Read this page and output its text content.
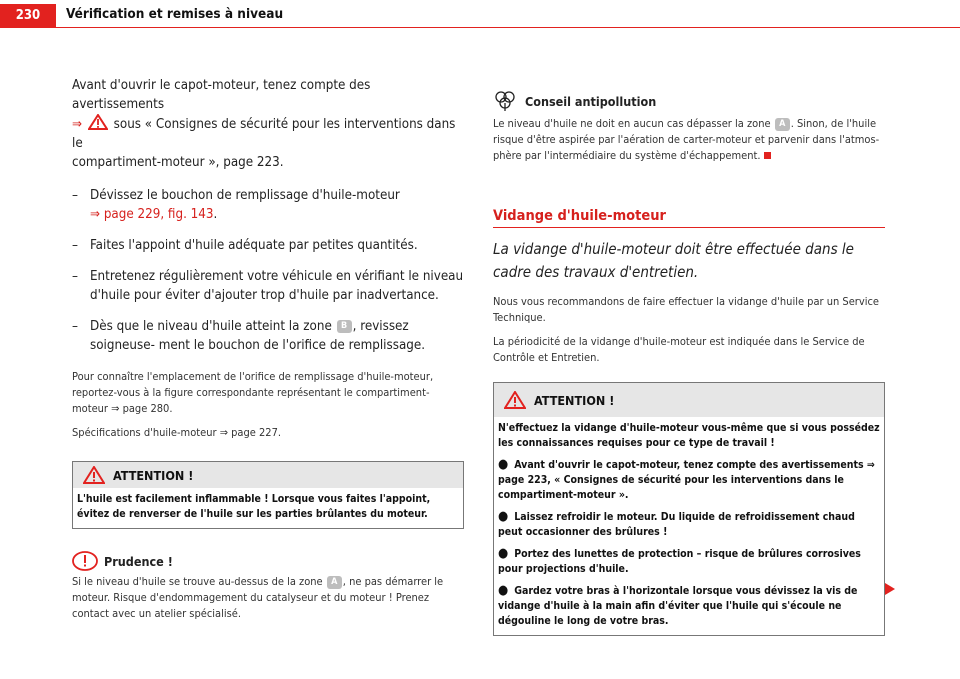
230	Vérification et remises à niveau

Avant d'ouvrir le capot-moteur, tenez compte des avertissements
⇒  sous « Consignes de sécurité pour les interventions dans le
compartiment-moteur », page 223.

– Dévissez le bouchon de remplissage d'huile-moteur
⇒ page 229, fig. 143.
– Faites l'appoint d'huile adéquate par petites quantités.
– Entretenez régulièrement votre véhicule en vérifiant le niveau d'huile pour éviter d'ajouter trop d'huile par inadvertance.
– Dès que le niveau d'huile atteint la zone B , revissez soigneuse- ment le bouchon de l'orifice de remplissage.

Pour connaître l'emplacement de l'orifice de remplissage d'huile-moteur, reportez-vous à la figure correspondante représentant le compartiment- moteur ⇒ page 280.

Spécifications d'huile-moteur ⇒ page 227.

ATTENTION !
L'huile est facilement inflammable ! Lorsque vous faites l'appoint, évitez de renverser de l'huile sur les parties brûlantes du moteur.
Prudence !

Si le niveau d'huile se trouve au-dessus de la zone A , ne pas démarrer le moteur. Risque d'endommagement du catalyseur et du moteur ! Prenez contact avec un atelier spécialisé.

Conseil antipollution

Le niveau d'huile ne doit en aucun cas dépasser la zone A . Sinon, de l'huile risque d'être aspirée par l'aération de carter-moteur et parvenir dans l'atmos- phère par l'intermédiaire du système d'échappement.

Vidange d'huile-moteur

La vidange d'huile-moteur doit être effectuée dans le cadre des travaux d'entretien.

Nous vous recommandons de faire effectuer la vidange d'huile par un Service Technique.

La périodicité de la vidange d'huile-moteur est indiquée dans le Service de Contrôle et Entretien.

ATTENTION !

N'effectuez la vidange d'huile-moteur vous-même que si vous possédez les connaissances requises pour ce type de travail !

● Avant d'ouvrir le capot-moteur, tenez compte des avertissements ⇒ page 223, « Consignes de sécurité pour les interventions dans le compartiment-moteur ».

● Laissez refroidir le moteur. Du liquide de refroidissement chaud peut occasionner des brûlures !

● Portez des lunettes de protection – risque de brûlures corrosives pour projections d'huile.

● Gardez votre bras à l'horizontale lorsque vous dévissez la vis de vidange d'huile à la main afin d'éviter que l'huile qui s'écoule ne dégouline le long de votre bras.
